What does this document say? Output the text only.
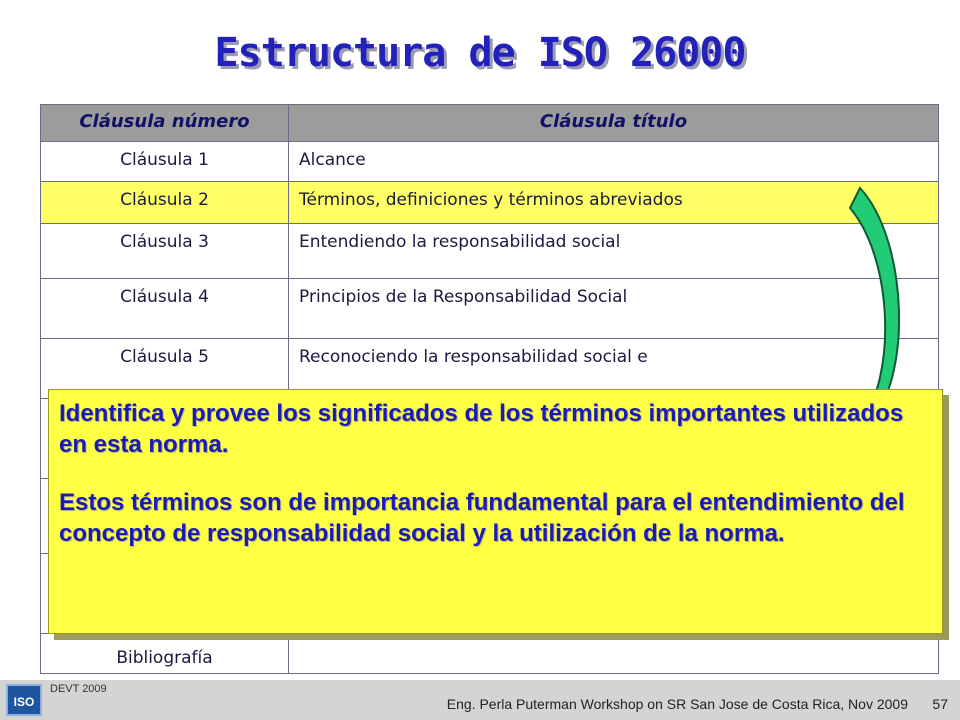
Estructura de ISO 26000
Cláusula número	Cláusula título
Cláusula 1	Alcance
Cláusula 2	Términos, definiciones y términos abreviados
Cláusula 3	Entendiendo la responsabilidad social
Cláusula 4	Principios de la Responsabilidad Social
Cláusula 5	Reconociendo la responsabilidad social e

Bibliografía	

Identifica y provee los significados de los términos importantes utilizados en esta norma.

Estos términos son de importancia fundamental para el entendimiento del concepto de responsabilidad social y la utilización de la norma.

ISO
DEVT 2009
Eng. Perla Puterman Workshop on SR San Jose de Costa Rica, Nov 2009 57
